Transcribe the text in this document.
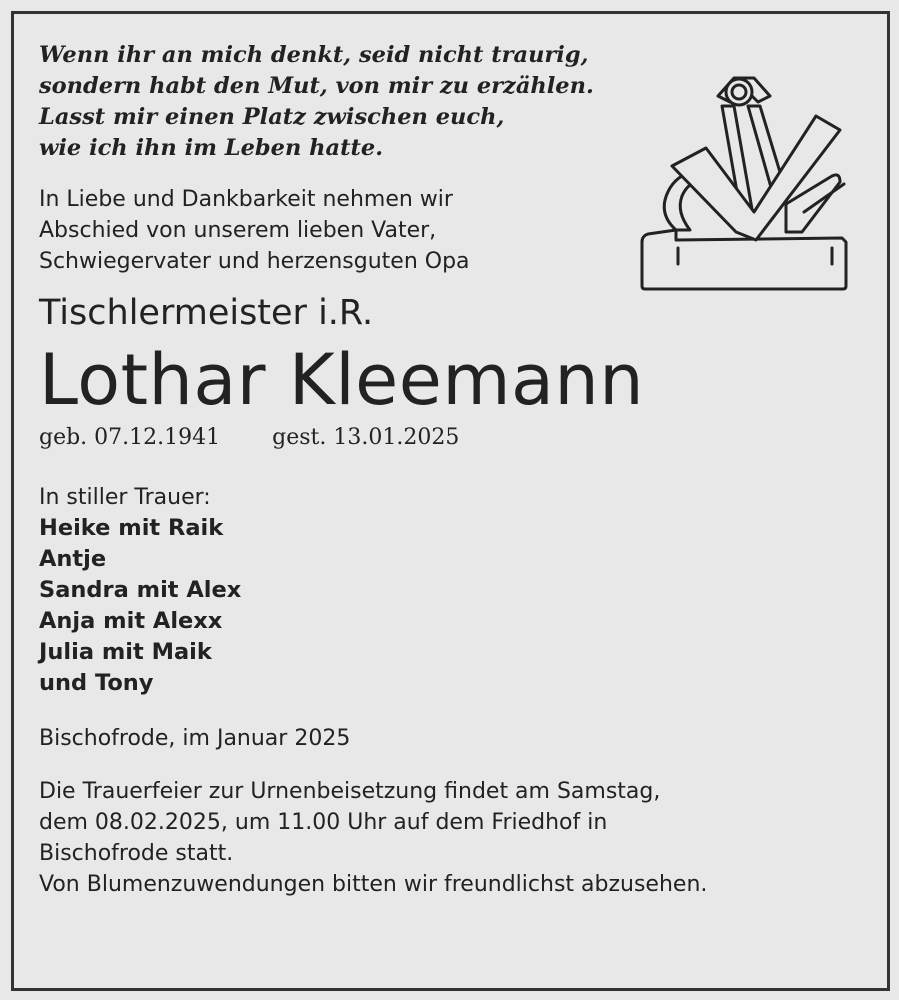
Wenn ihr an mich denkt, seid nicht traurig,
sondern habt den Mut, von mir zu erzählen.
Lasst mir einen Platz zwischen euch,
wie ich ihn im Leben hatte.
In Liebe und Dankbarkeit nehmen wir
Abschied von unserem lieben Vater,
Schwiegervater und herzensguten Opa
Tischlermeister i.R.
Lothar Kleemann
geb. 07.12.1941 gest. 13.01.2025
In stiller Trauer:
Heike mit Raik
Antje
Sandra mit Alex
Anja mit Alexx
Julia mit Maik
und Tony
Bischofrode, im Januar 2025
Die Trauerfeier zur Urnenbeisetzung findet am Samstag,
dem 08.02.2025, um 11.00 Uhr auf dem Friedhof in
Bischofrode statt.
Von Blumenzuwendungen bitten wir freundlichst abzusehen.
